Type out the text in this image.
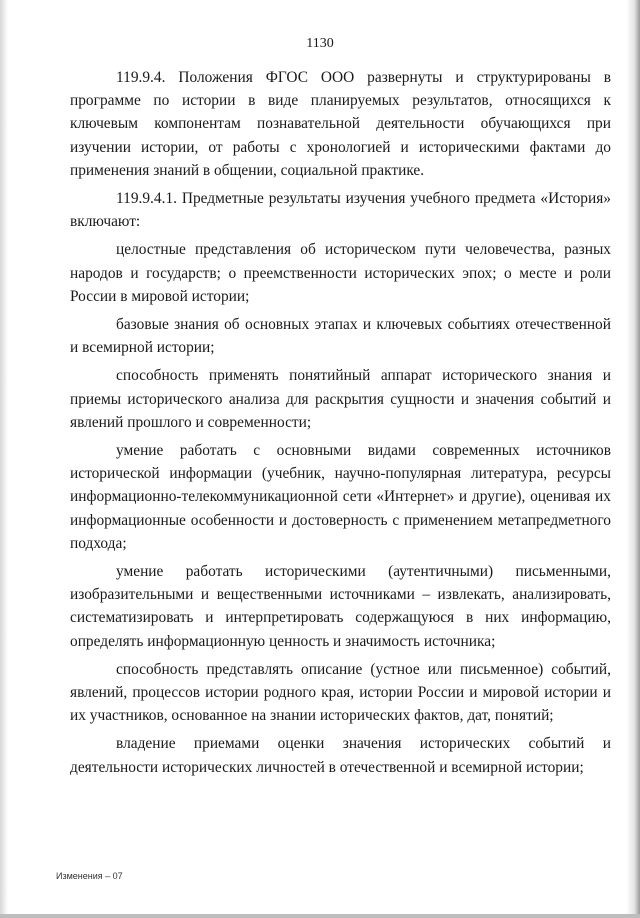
1130

119.9.4. Положения ФГОС ООО развернуты и структурированы в программе по истории в виде планируемых результатов, относящихся к ключевым компонентам познавательной деятельности обучающихся при изучении истории, от работы с хронологией и историческими фактами до применения знаний в общении, социальной практике.

119.9.4.1. Предметные результаты изучения учебного предмета «История» включают:

целостные представления об историческом пути человечества, разных народов и государств; о преемственности исторических эпох; о месте и роли России в мировой истории;

базовые знания об основных этапах и ключевых событиях отечественной и всемирной истории;

способность применять понятийный аппарат исторического знания и приемы исторического анализа для раскрытия сущности и значения событий и явлений прошлого и современности;

умение работать с основными видами современных источников исторической информации (учебник, научно-популярная литература, ресурсы информационно-телекоммуникационной сети «Интернет» и другие), оценивая их информационные особенности и достоверность с применением метапредметного подхода;

умение работать историческими (аутентичными) письменными, изобразительными и вещественными источниками – извлекать, анализировать, систематизировать и интерпретировать содержащуюся в них информацию, определять информационную ценность и значимость источника;

способность представлять описание (устное или письменное) событий, явлений, процессов истории родного края, истории России и мировой истории и их участников, основанное на знании исторических фактов, дат, понятий;

владение приемами оценки значения исторических событий и деятельности исторических личностей в отечественной и всемирной истории;

Изменения – 07
